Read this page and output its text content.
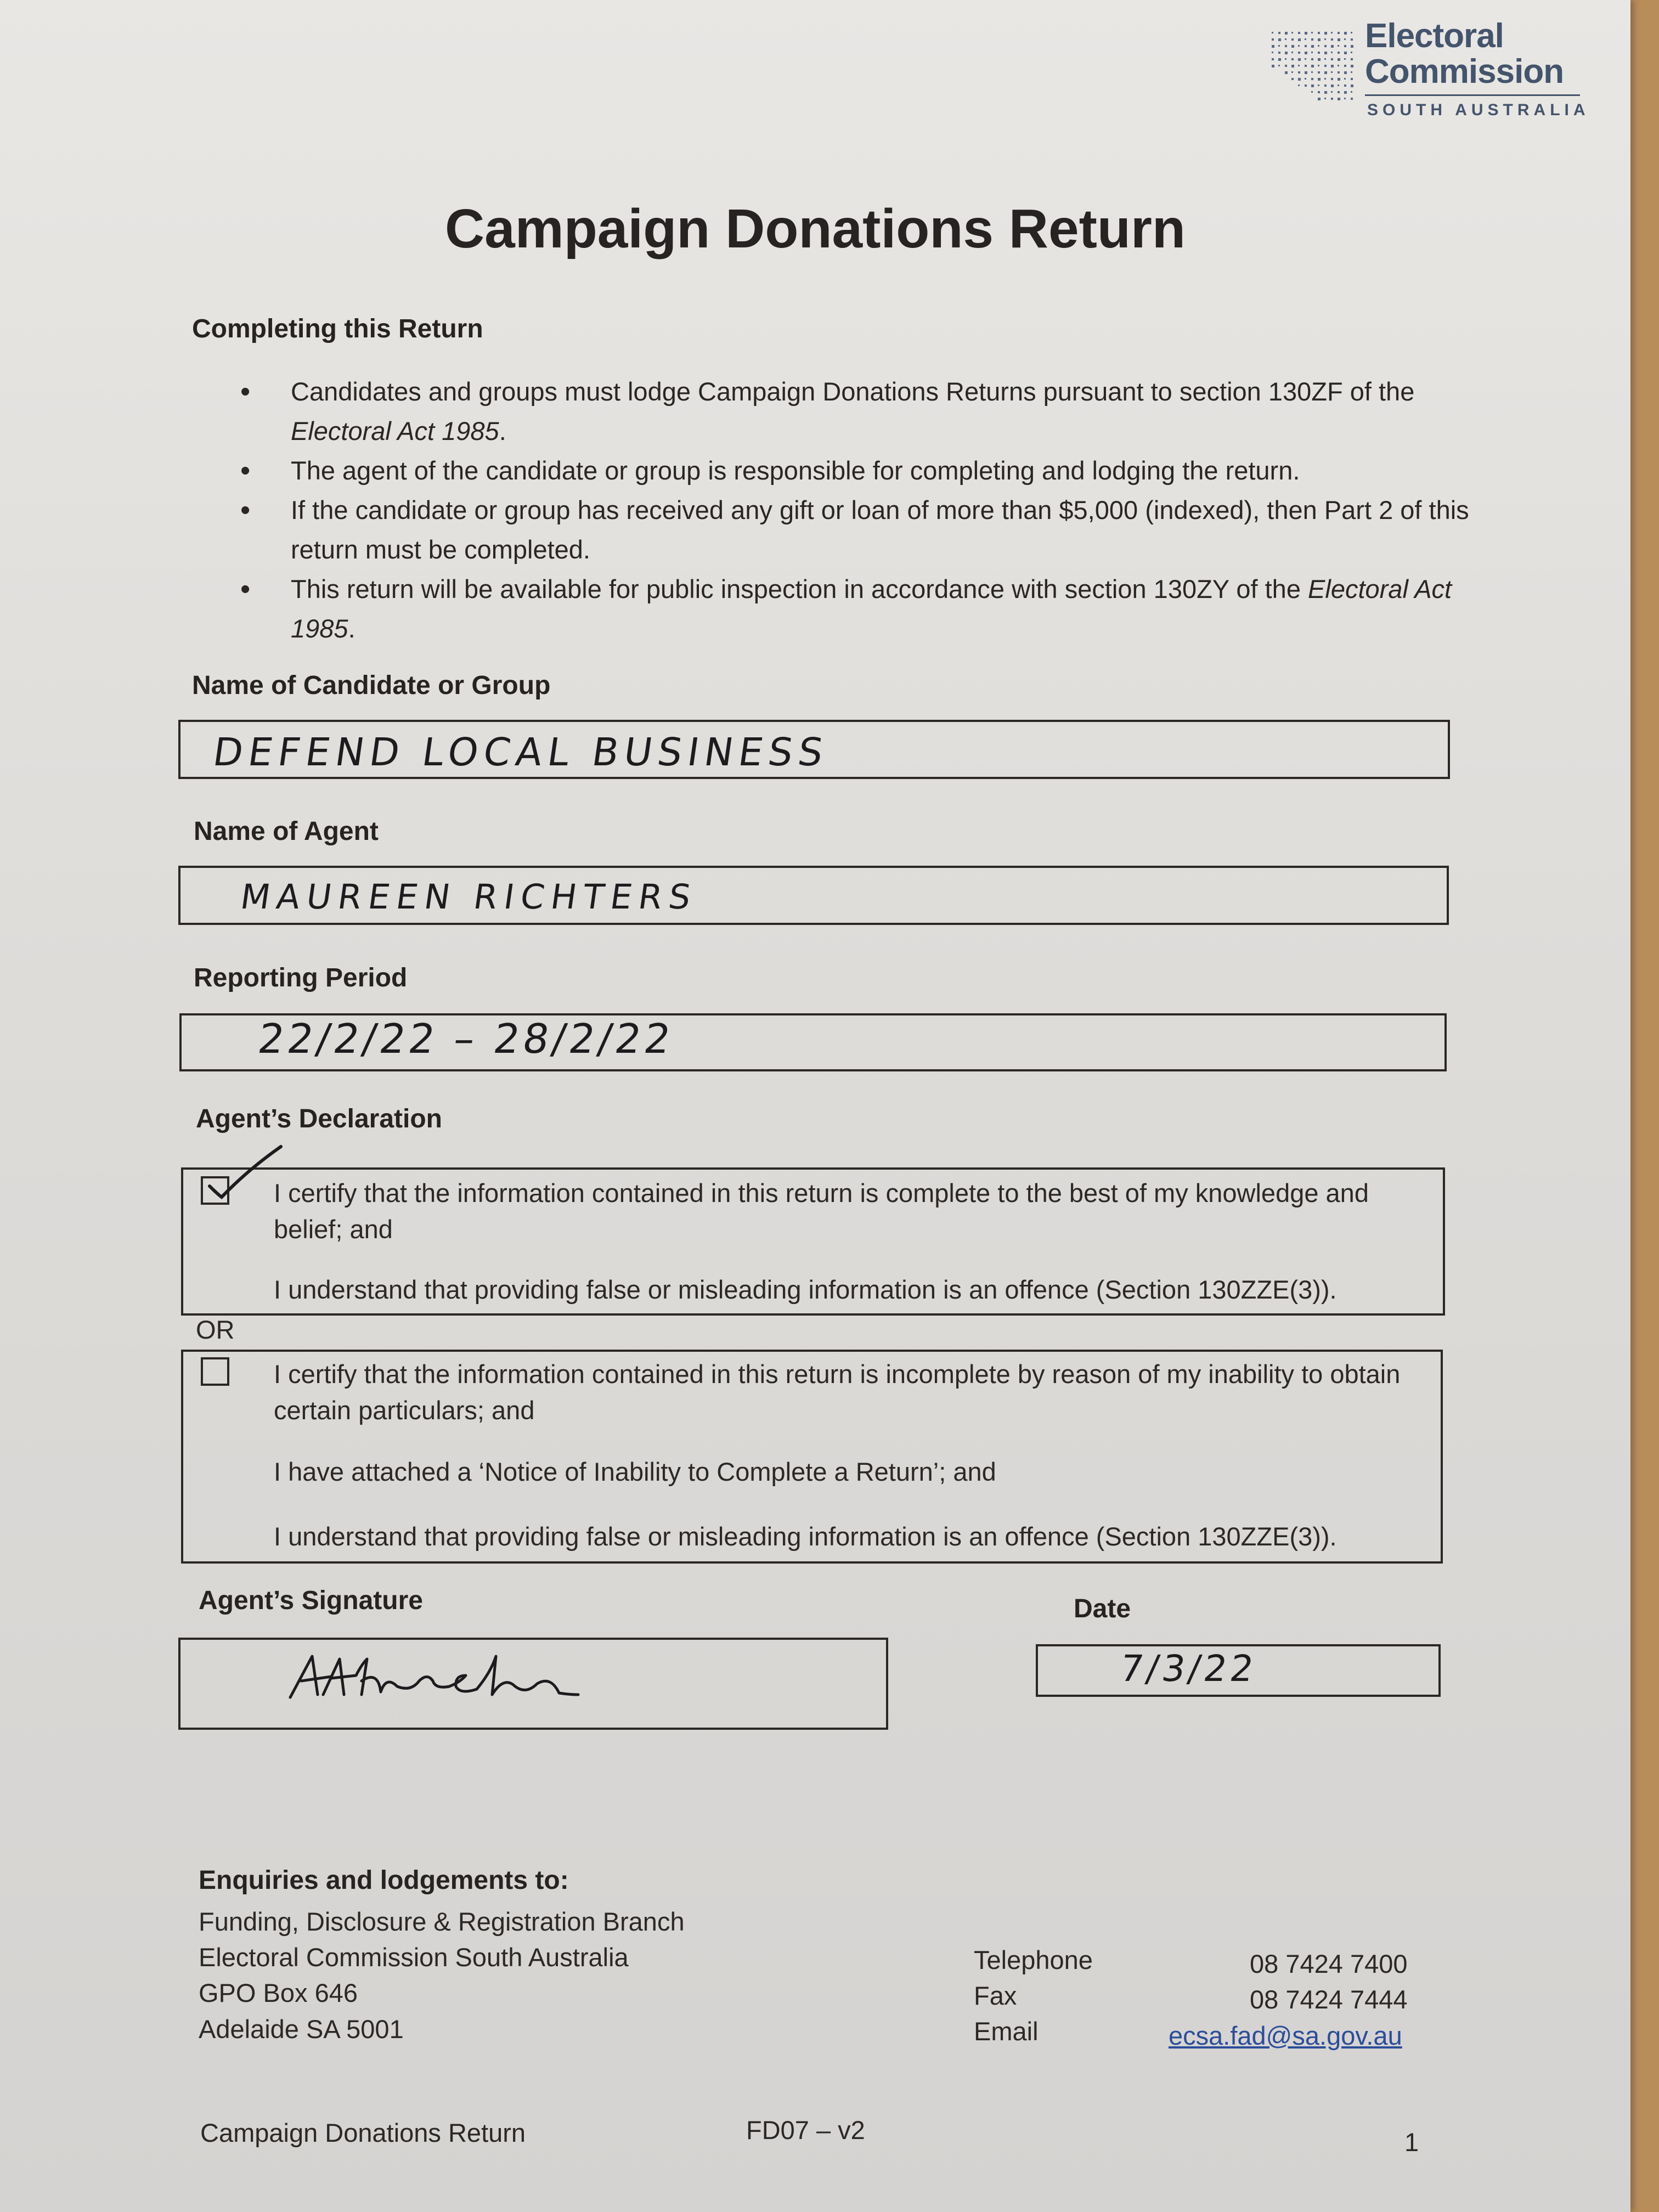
Electoral
Commission
SOUTH AUSTRALIA
Campaign Donations Return
Completing this Return
• Candidates and groups must lodge Campaign Donations Returns pursuant to section 130ZF of the Electoral Act 1985.
• The agent of the candidate or group is responsible for completing and lodging the return.
• If the candidate or group has received any gift or loan of more than $5,000 (indexed), then Part 2 of this return must be completed.
• This return will be available for public inspection in accordance with section 130ZY of the Electoral Act 1985.
Name of Candidate or Group
DEFEND LOCAL BUSINESS
Name of Agent
MAUREEN RICHTERS
Reporting Period
22/2/22 – 28/2/22
Agent’s Declaration
I certify that the information contained in this return is complete to the best of my knowledge and belief; and
I understand that providing false or misleading information is an offence (Section 130ZZE(3)).
OR
I certify that the information contained in this return is incomplete by reason of my inability to obtain certain particulars; and
I have attached a ‘Notice of Inability to Complete a Return’; and
I understand that providing false or misleading information is an offence (Section 130ZZE(3)).
Agent’s Signature	Date
7/3/22
Enquiries and lodgements to:
Funding, Disclosure & Registration Branch
Electoral Commission South Australia
GPO Box 646
Adelaide SA 5001
Telephone	08 7424 7400
Fax	08 7424 7444
Email	ecsa.fad@sa.gov.au
Campaign Donations Return	FD07 – v2	1
